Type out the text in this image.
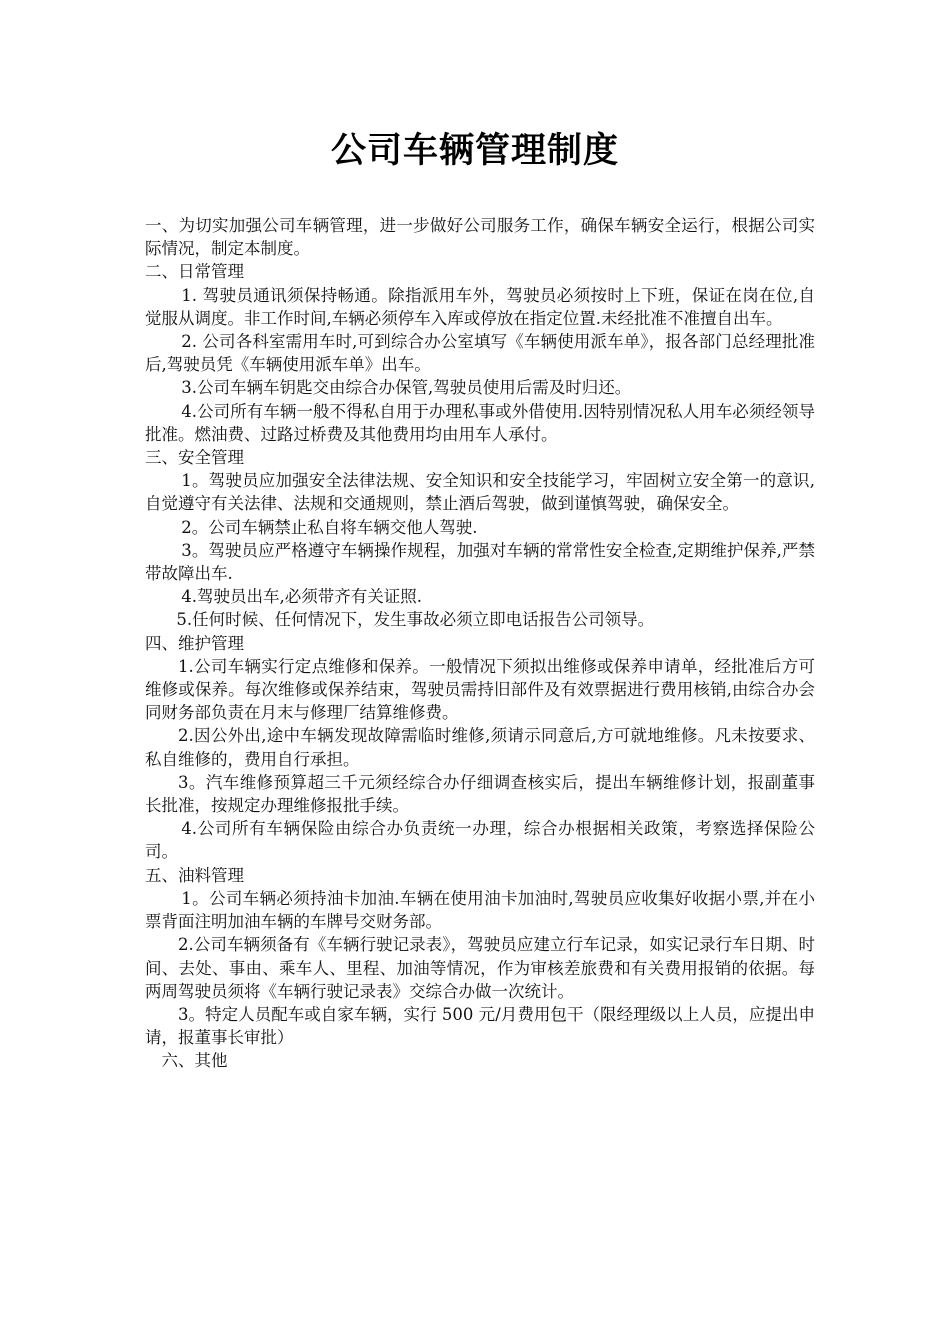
公司车辆管理制度

一、为切实加强公司车辆管理，进一步做好公司服务工作，确保车辆安全运行，根据公司实际情况，制定本制度。

二、日常管理

1. 驾驶员通讯须保持畅通。除指派用车外，驾驶员必须按时上下班，保证在岗在位,自觉服从调度。非工作时间,车辆必须停车入库或停放在指定位置.未经批准不准擅自出车。

2. 公司各科室需用车时,可到综合办公室填写《车辆使用派车单》，报各部门总经理批准后,驾驶员凭《车辆使用派车单》出车。

3.公司车辆车钥匙交由综合办保管,驾驶员使用后需及时归还。

4.公司所有车辆一般不得私自用于办理私事或外借使用.因特别情况私人用车必须经领导批准。燃油费、过路过桥费及其他费用均由用车人承付。

三、安全管理

1。驾驶员应加强安全法律法规、安全知识和安全技能学习，牢固树立安全第一的意识,自觉遵守有关法律、法规和交通规则，禁止酒后驾驶，做到谨慎驾驶，确保安全。

2。公司车辆禁止私自将车辆交他人驾驶.

3。驾驶员应严格遵守车辆操作规程，加强对车辆的常常性安全检查,定期维护保养,严禁带故障出车.

4.驾驶员出车,必须带齐有关证照.

5.任何时候、任何情况下，发生事故必须立即电话报告公司领导。

四、维护管理

1.公司车辆实行定点维修和保养。一般情况下须拟出维修或保养申请单，经批准后方可维修或保养。每次维修或保养结束，驾驶员需持旧部件及有效票据进行费用核销,由综合办会同财务部负责在月末与修理厂结算维修费。

2.因公外出,途中车辆发现故障需临时维修,须请示同意后,方可就地维修。凡未按要求、私自维修的，费用自行承担。

3。汽车维修预算超三千元须经综合办仔细调查核实后，提出车辆维修计划，报副董事长批准，按规定办理维修报批手续。

4.公司所有车辆保险由综合办负责统一办理，综合办根据相关政策，考察选择保险公司。

五、油料管理

1。公司车辆必须持油卡加油.车辆在使用油卡加油时,驾驶员应收集好收据小票,并在小票背面注明加油车辆的车牌号交财务部。

2.公司车辆须备有《车辆行驶记录表》，驾驶员应建立行车记录，如实记录行车日期、时间、去处、事由、乘车人、里程、加油等情况，作为审核差旅费和有关费用报销的依据。每两周驾驶员须将《车辆行驶记录表》交综合办做一次统计。

3。特定人员配车或自家车辆，实行 500 元/月费用包干（限经理级以上人员，应提出申请，报董事长审批）

六、其他
